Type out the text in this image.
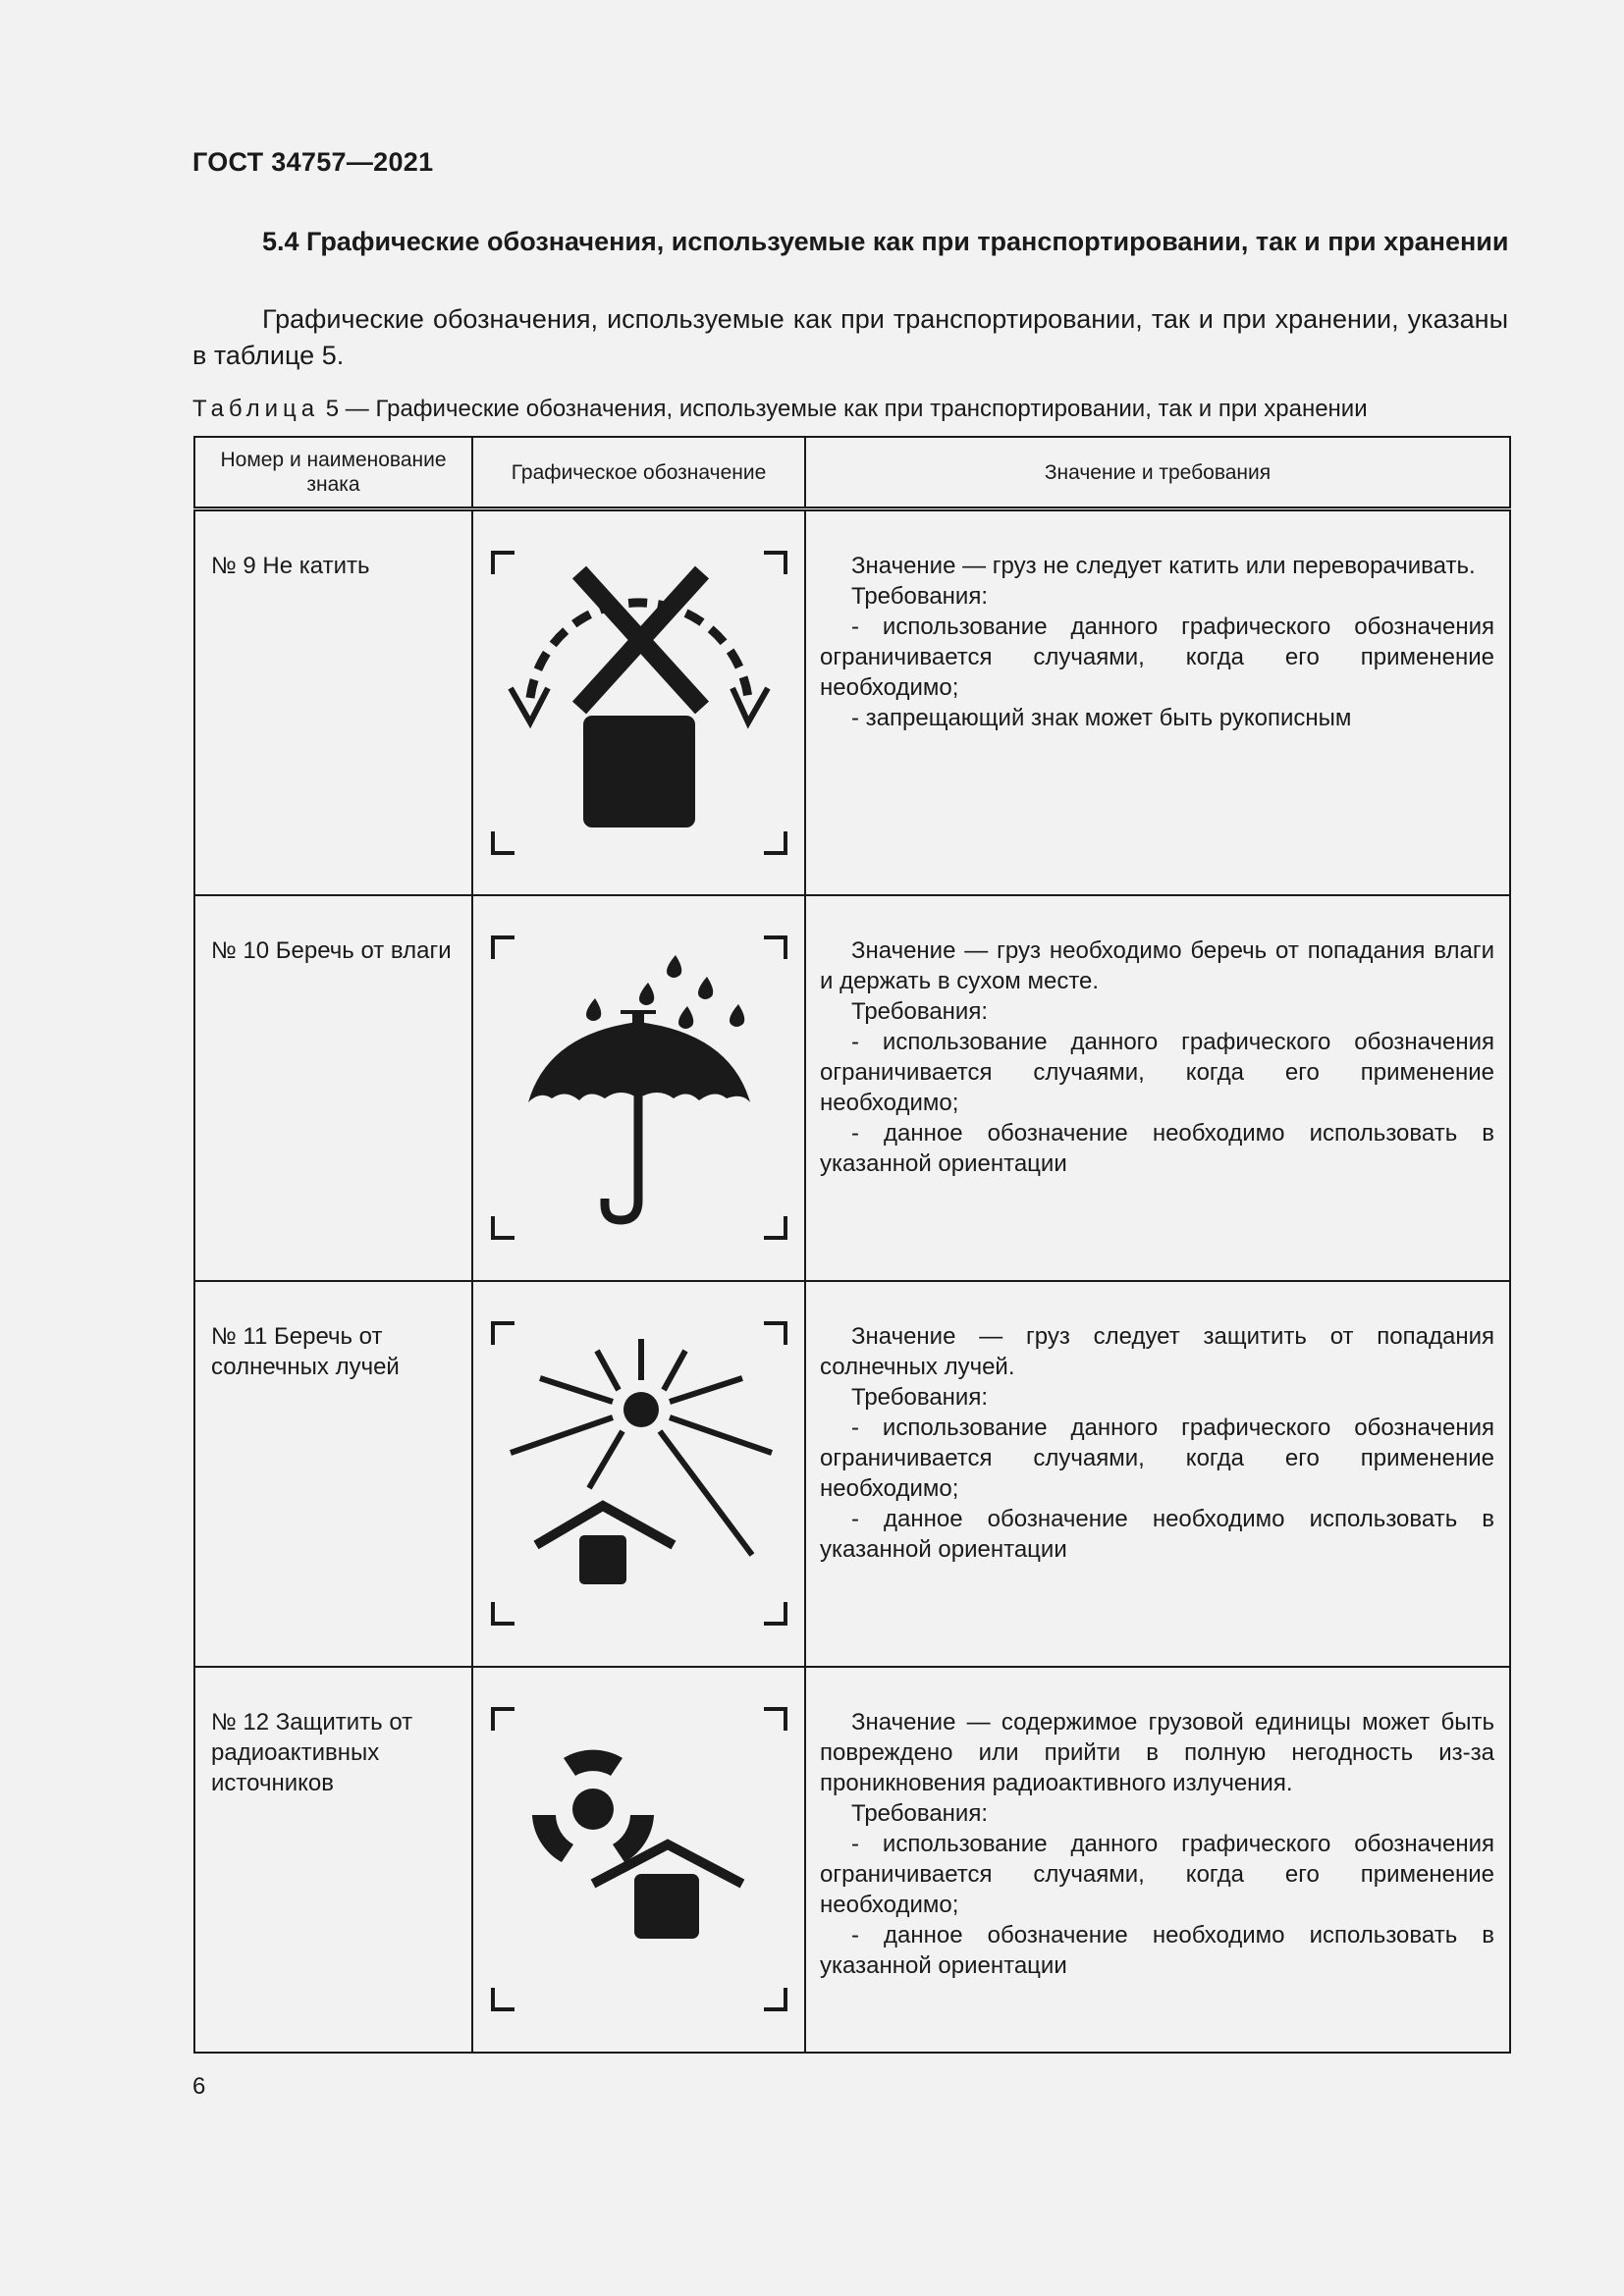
ГОСТ 34757—2021
5.4 Графические обозначения, используемые как при транспортировании, так и при хранении
Графические обозначения, используемые как при транспортировании, так и при хранении, указаны в таблице 5.
Таблица 5 — Графические обозначения, используемые как при транспортировании, так и при хранении
Номер и наименование знака	Графическое обозначение	Значение и требования
№ 9 Не катить		Значение — груз не следует катить или переворачивать.

Требования:

- использование данного графического обозначения ограничивается случаями, когда его применение необходимо;

- запрещающий знак может быть рукописным

№ 10 Беречь от влаги		Значение — груз необходимо беречь от попадания влаги и держать в сухом месте.

Требования:

- использование данного графического обозначения ограничивается случаями, когда его применение необходимо;

- данное обозначение необходимо использовать в указанной ориентации

№ 11 Беречь от солнечных лучей		Значение — груз следует защитить от попадания солнечных лучей.

Требования:

- использование данного графического обозначения ограничивается случаями, когда его применение необходимо;

- данное обозначение необходимо использовать в указанной ориентации

№ 12 Защитить от радиоактивных источников		Значение — содержимое грузовой единицы может быть повреждено или прийти в полную негодность из-за проникновения радиоактивного излучения.

Требования:

- использование данного графического обозначения ограничивается случаями, когда его применение необходимо;

- данное обозначение необходимо использовать в указанной ориентации

6
